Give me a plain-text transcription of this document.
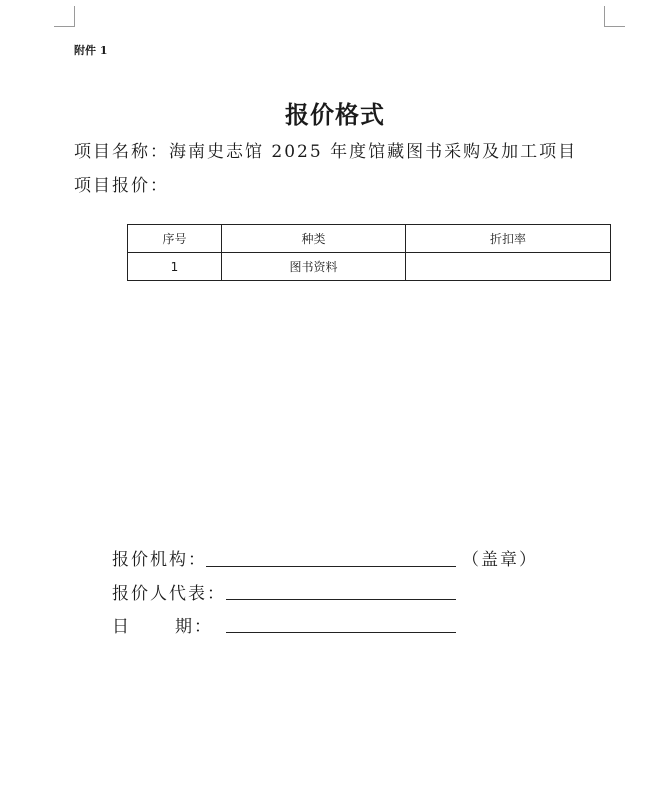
附件 1
报价格式
项目名称：海南史志馆 2025 年度馆藏图书采购及加工项目
项目报价：
序号	种类	折扣率
1	图书资料	
报价机构：	（盖章）
报价人代表：
日	期：
